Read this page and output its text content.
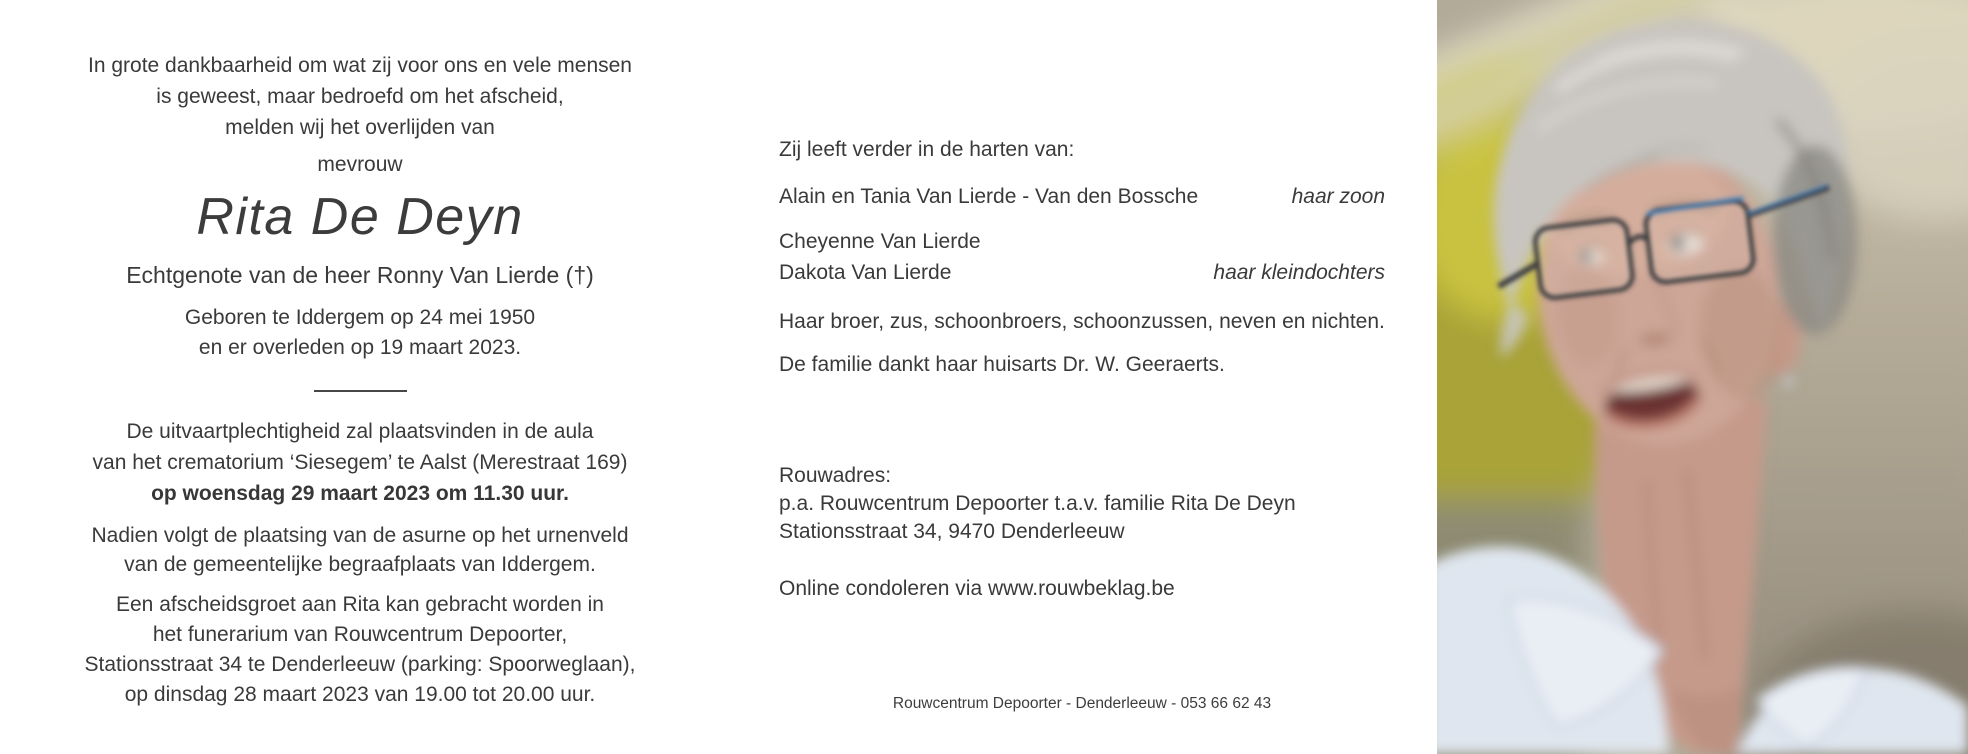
In grote dankbaarheid om wat zij voor ons en vele mensen
is geweest, maar bedroefd om het afscheid,
melden wij het overlijden van
mevrouw
Rita De Deyn
Echtgenote van de heer Ronny Van Lierde (†)
Geboren te Iddergem op 24 mei 1950
en er overleden op 19 maart 2023.
De uitvaartplechtigheid zal plaatsvinden in de aula
van het crematorium ‘Siesegem’ te Aalst (Merestraat 169)
op woensdag 29 maart 2023 om 11.30 uur.
Nadien volgt de plaatsing van de asurne op het urnenveld
van de gemeentelijke begraafplaats van Iddergem.
Een afscheidsgroet aan Rita kan gebracht worden in
het funerarium van Rouwcentrum Depoorter,
Stationsstraat 34 te Denderleeuw (parking: Spoorweglaan),
op dinsdag 28 maart 2023 van 19.00 tot 20.00 uur.
Zij leeft verder in de harten van:
Alain en Tania Van Lierde - Van den Bossche	haar zoon
Cheyenne Van Lierde
Dakota Van Lierde	haar kleindochters
Haar broer, zus, schoonbroers, schoonzussen, neven en nichten.
De familie dankt haar huisarts Dr. W. Geeraerts.
Rouwadres:
p.a. Rouwcentrum Depoorter t.a.v. familie Rita De Deyn
Stationsstraat 34, 9470 Denderleeuw
Online condoleren via www.rouwbeklag.be
Rouwcentrum Depoorter - Denderleeuw - 053 66 62 43
